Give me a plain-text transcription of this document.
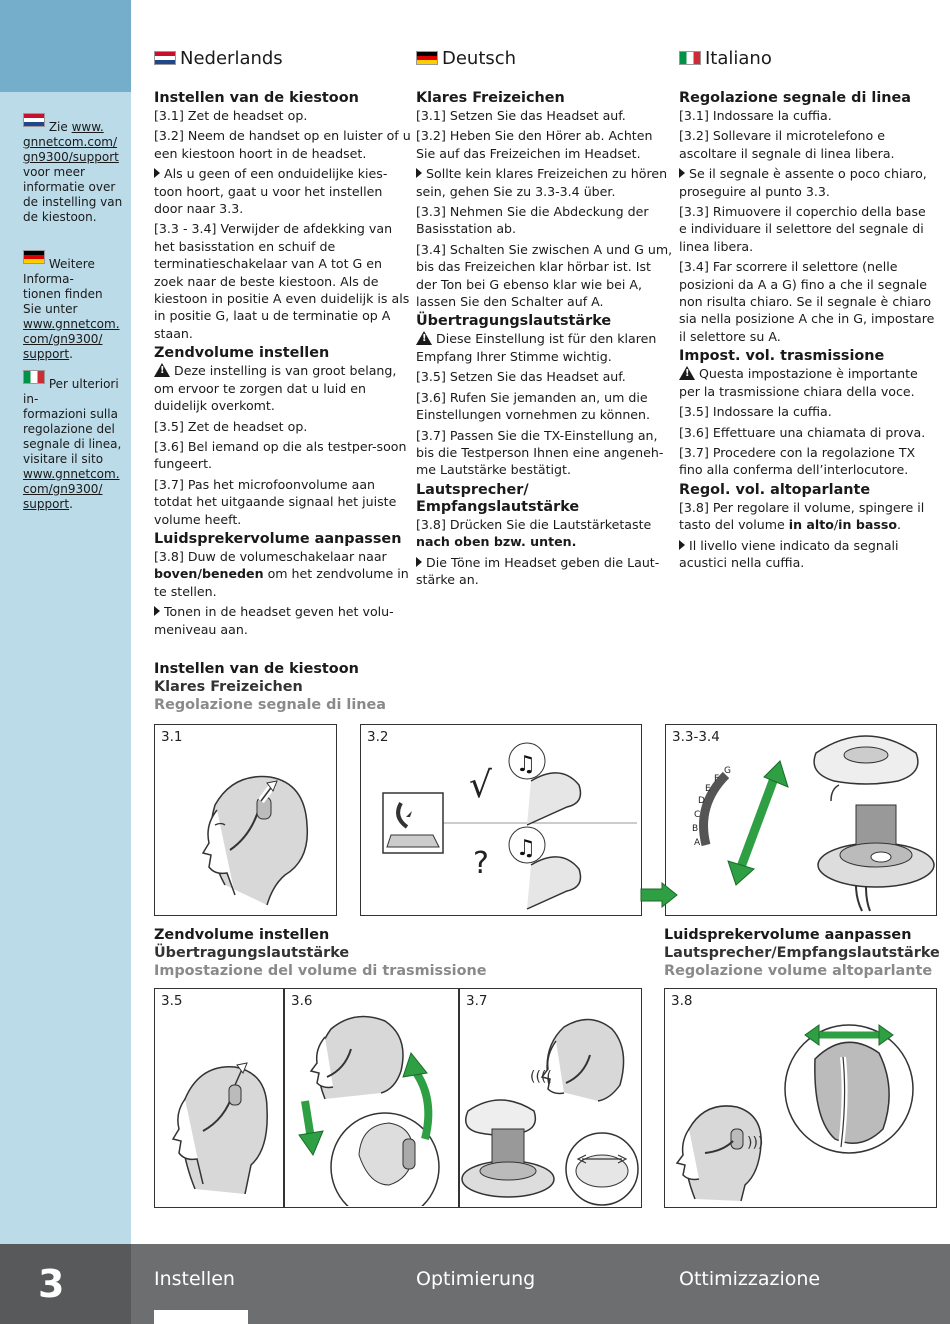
Zie www.
gnnetcom.com/
gn9300/support voor meer informatie over de instelling van de kiestoon.
Weitere Informa-
tionen finden
Sie unter www.gnnetcom.
com/gn9300/
support.
Per ulteriori in-
formazioni sulla
regolazione del
segnale di linea,
visitare il sito www.gnnetcom.
com/gn9300/
support.
Nederlands	Deutsch	Italiano
Instellen van de kiestoon

[3.1] Zet de headset op.

[3.2] Neem de handset op en luister of u een kiestoon hoort in de headset.

Als u geen of een onduidelijke kies-toon hoort, gaat u voor het instellen door naar 3.3.

[3.3 - 3.4] Verwijder de afdekking van het basisstation en schuif de terminatieschakelaar van A tot G en zoek naar de beste kiestoon. Als de kiestoon in positie A even duidelijk is als in positie G, laat u de terminatie op A staan.

Zendvolume instellen

!Deze instelling is van groot belang, om ervoor te zorgen dat u luid en duidelijk overkomt.

[3.5] Zet de headset op.

[3.6] Bel iemand op die als testper-soon fungeert.

[3.7] Pas het microfoonvolume aan totdat het uitgaande signaal het juiste volume heeft.

Luidsprekervolume aanpassen

[3.8] Duw de volumeschakelaar naar boven/beneden om het zendvolume in te stellen.

Tonen in de headset geven het volu-meniveau aan.

Klares Freizeichen

[3.1] Setzen Sie das Headset auf.

[3.2] Heben Sie den Hörer ab. Achten Sie auf das Freizeichen im Headset.

Sollte kein klares Freizeichen zu hören sein, gehen Sie zu 3.3-3.4 über.

[3.3] Nehmen Sie die Abdeckung der Basisstation ab.

[3.4] Schalten Sie zwischen A und G um, bis das Freizeichen klar hörbar ist. Ist der Ton bei G ebenso klar wie bei A, lassen Sie den Schalter auf A.

Übertragungslautstärke

!Diese Einstellung ist für den klaren Empfang Ihrer Stimme wichtig.

[3.5] Setzen Sie das Headset auf.

[3.6] Rufen Sie jemanden an, um die Einstellungen vornehmen zu können.

[3.7] Passen Sie die TX-Einstellung an, bis die Testperson Ihnen eine angeneh-me Lautstärke bestätigt.

Lautsprecher/
Empfangslautstärke

[3.8] Drücken Sie die Lautstärketaste nach oben bzw. unten.

Die Töne im Headset geben die Laut-stärke an.

Regolazione segnale di linea

[3.1] Indossare la cuffia.

[3.2] Sollevare il microtelefono e ascoltare il segnale di linea libera.

Se il segnale è assente o poco chiaro, proseguire al punto 3.3.

[3.3] Rimuovere il coperchio della base e individuare il selettore del segnale di linea libera.

[3.4] Far scorrere il selettore (nelle posizioni da A a G) fino a che il segnale non risulta chiaro. Se il segnale è chiaro sia nella posizione A che in G, impostare il selettore su A.

Impost. vol. trasmissione

!Questa impostazione è importante per la trasmissione chiara della voce.

[3.5] Indossare la cuffia.

[3.6] Effettuare una chiamata di prova.

[3.7] Procedere con la regolazione TX fino alla conferma dell’interlocutore.

Regol. vol. altoparlante

[3.8] Per regolare il volume, spingere il tasto del volume in alto/in basso.

Il livello viene indicato da segnali acustici nella cuffia.

Instellen van de kiestoon
Klares Freizeichen
Regolazione segnale di linea
3.1	3.2
√
?
♫
♫
3.3-3.4
A
B
C
D
E
F
G
Zendvolume instellen
Übertragungslautstärke
Impostazione del volume di trasmissione
Luidsprekervolume aanpassen
Lautsprecher/Empfangslautstärke
Regolazione volume altoparlante
3.5	3.6	3.7
((((
3.8
)))
3	Instellen	Optimierung	Ottimizzazione
